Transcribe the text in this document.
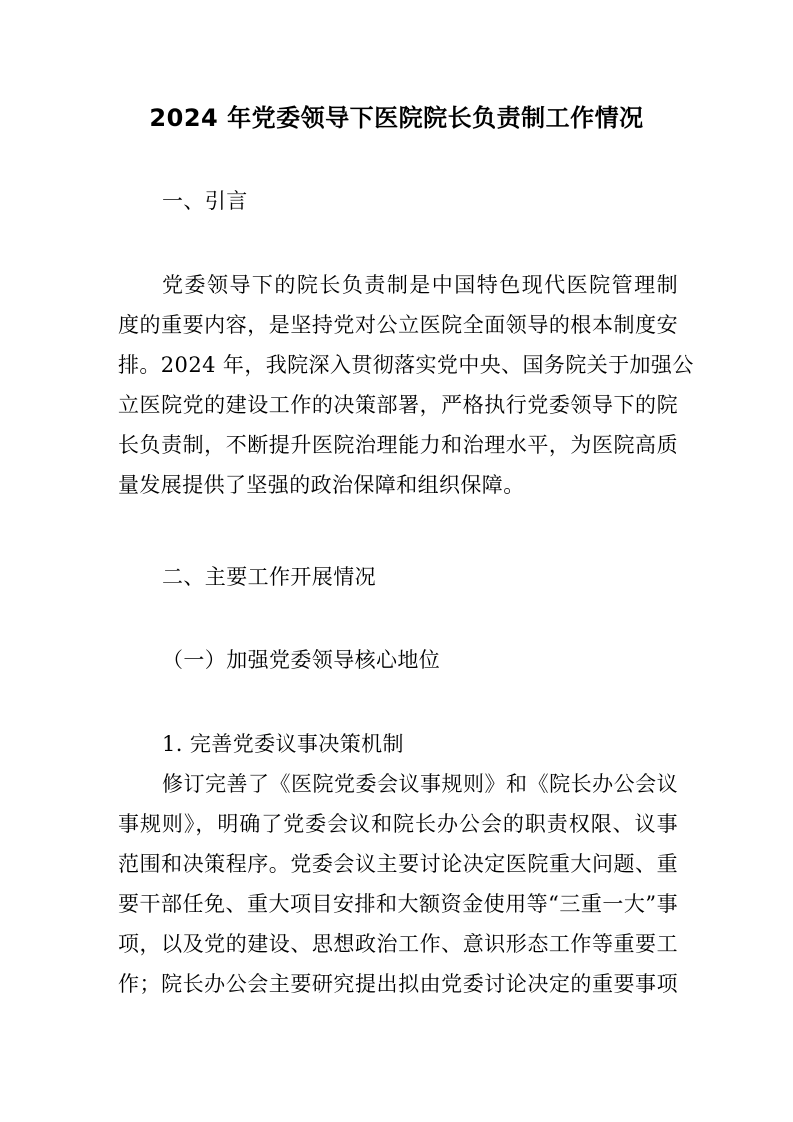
2024 年党委领导下医院院长负责制工作情况
一、引言
党委领导下的院长负责制是中国特色现代医院管理制
度的重要内容，是坚持党对公立医院全面领导的根本制度安
排。2024 年，我院深入贯彻落实党中央、国务院关于加强公
立医院党的建设工作的决策部署，严格执行党委领导下的院
长负责制，不断提升医院治理能力和治理水平，为医院高质
量发展提供了坚强的政治保障和组织保障。
二、主要工作开展情况
（一）加强党委领导核心地位
1. 完善党委议事决策机制
修订完善了《医院党委会议事规则》和《院长办公会议
事规则》，明确了党委会议和院长办公会的职责权限、议事
范围和决策程序。党委会议主要讨论决定医院重大问题、重
要干部任免、重大项目安排和大额资金使用等“三重一大”事
项，以及党的建设、思想政治工作、意识形态工作等重要工
作；院长办公会主要研究提出拟由党委讨论决定的重要事项
